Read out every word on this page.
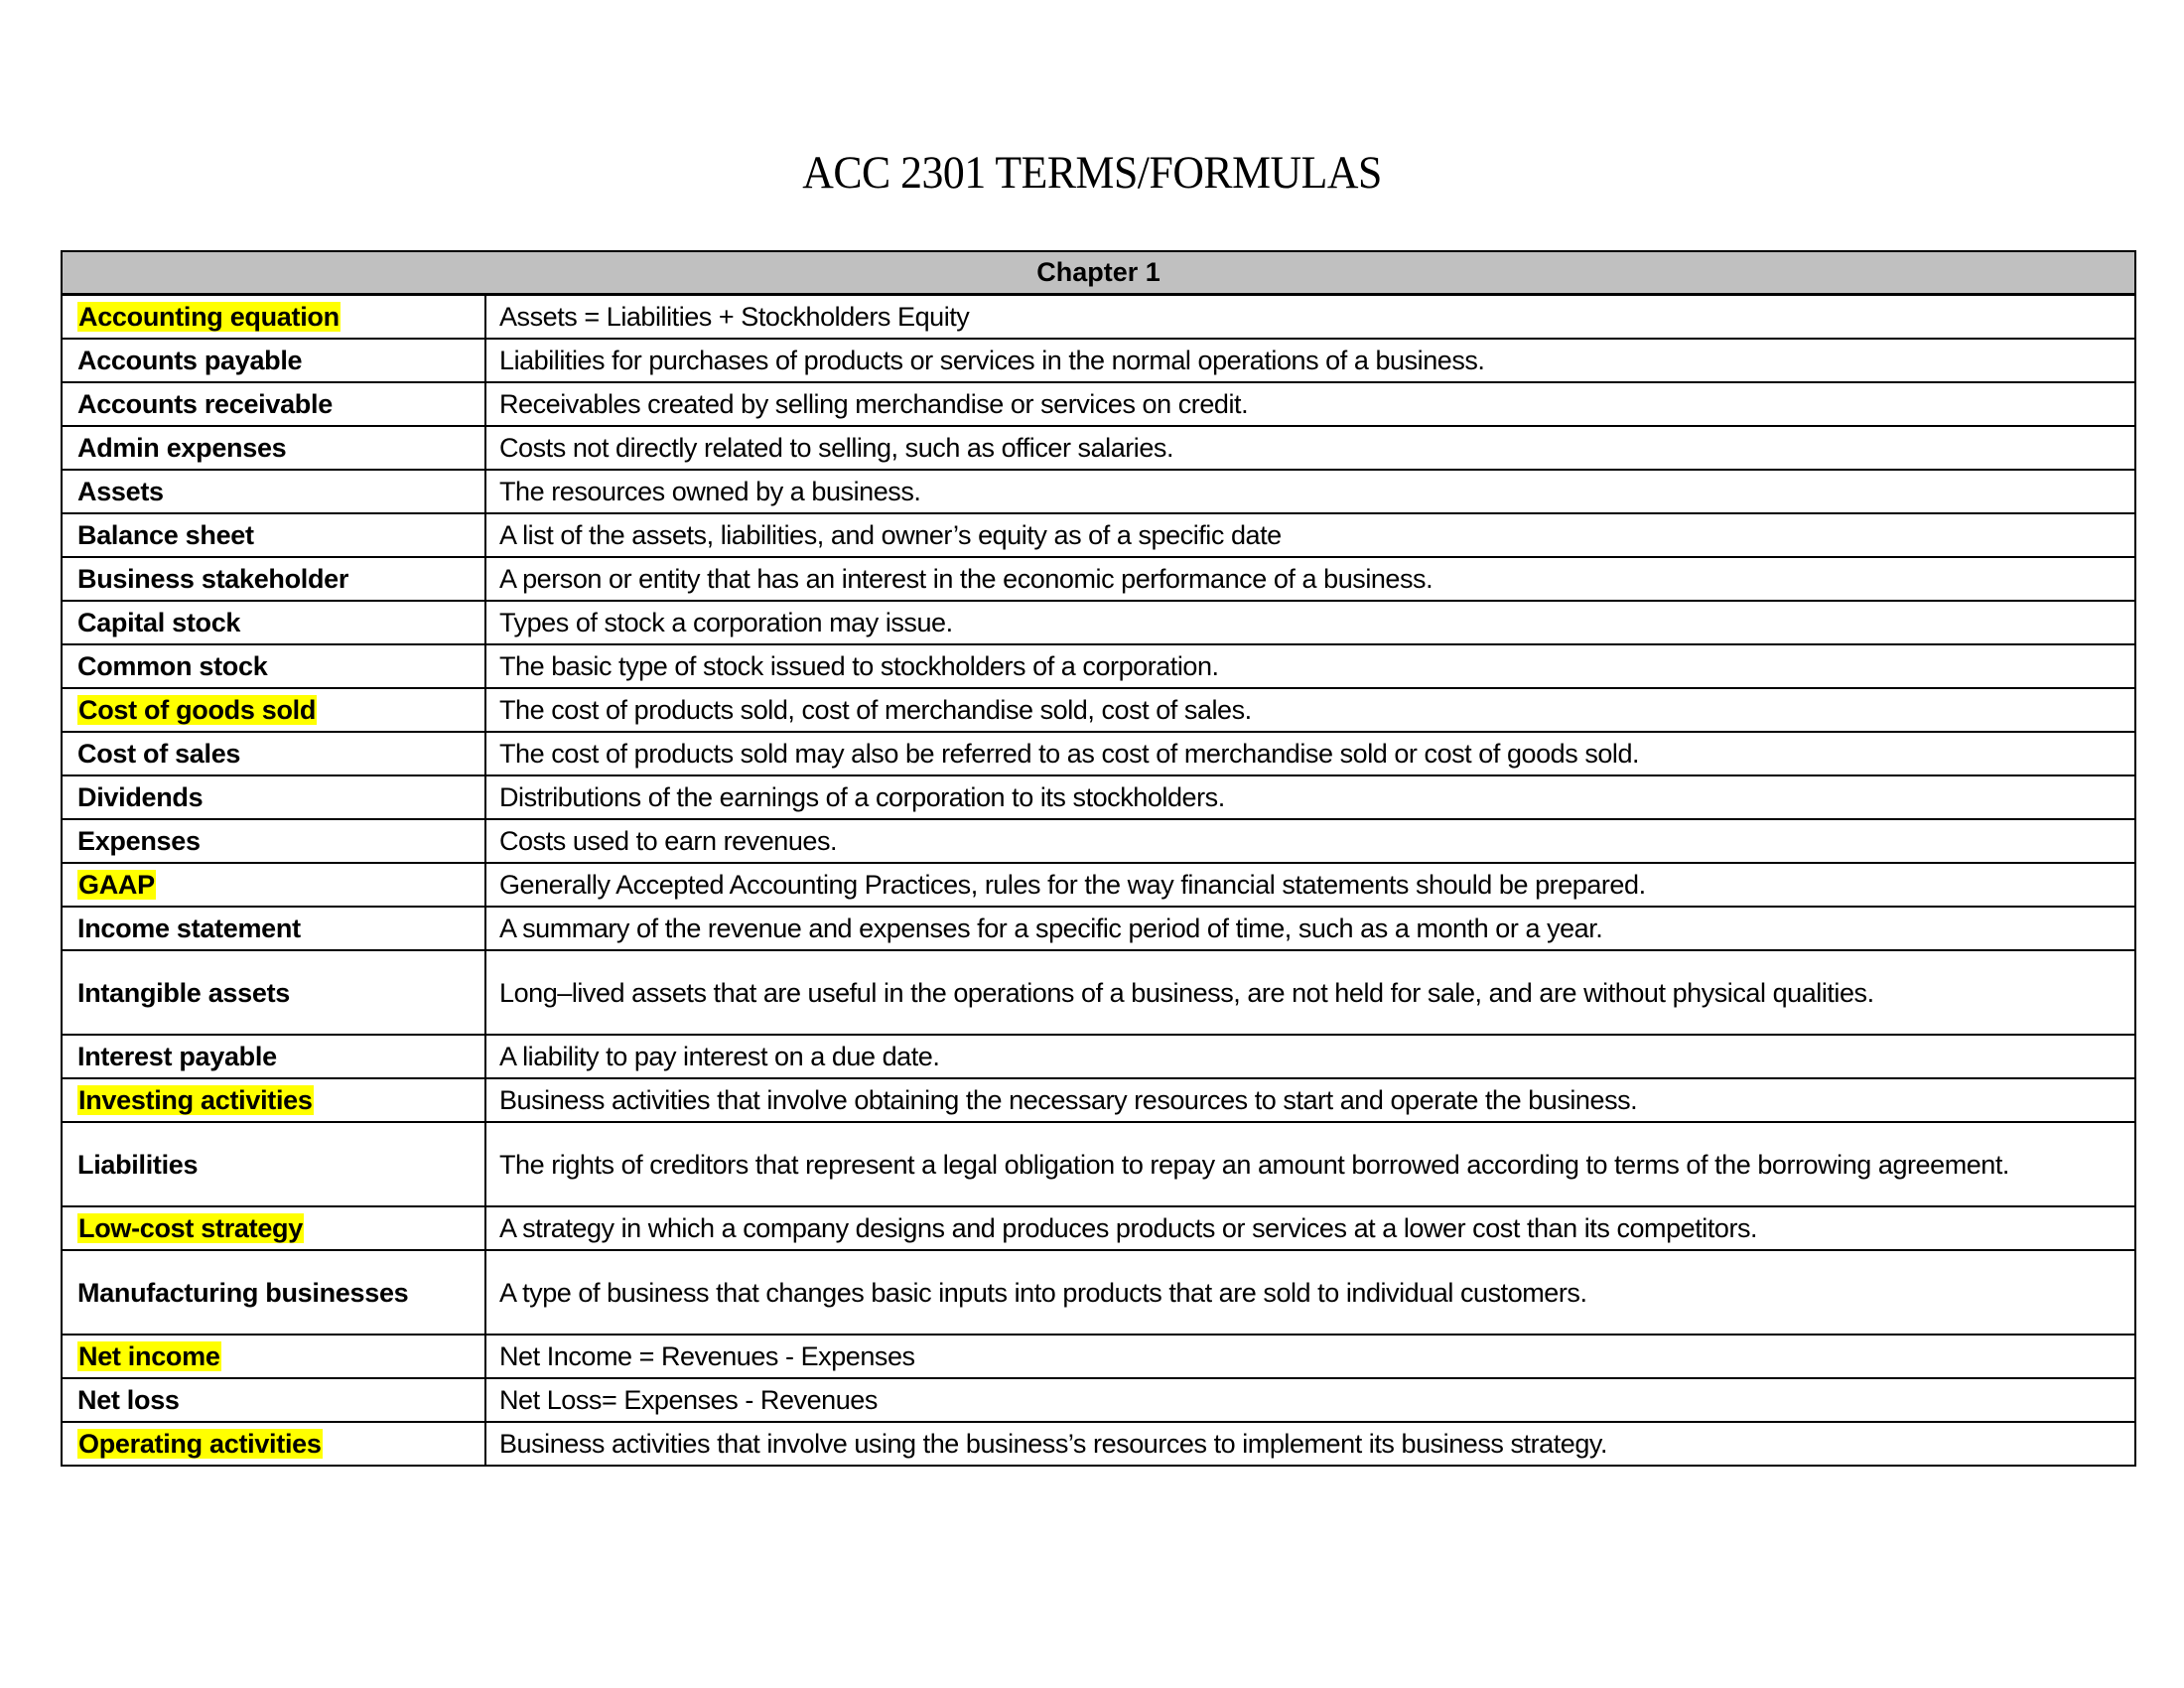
ACC 2301 TERMS/FORMULAS
Chapter 1	
Accounting equation	Assets = Liabilities + Stockholders Equity
Accounts payable	Liabilities for purchases of products or services in the normal operations of a business.
Accounts receivable	Receivables created by selling merchandise or services on credit.
Admin expenses	Costs not directly related to selling, such as officer salaries.
Assets	The resources owned by a business.
Balance sheet	A list of the assets, liabilities, and owner’s equity as of a specific date
Business stakeholder	A person or entity that has an interest in the economic performance of a business.
Capital stock	Types of stock a corporation may issue.
Common stock	The basic type of stock issued to stockholders of a corporation.
Cost of goods sold	The cost of products sold, cost of merchandise sold, cost of sales.
Cost of sales	The cost of products sold may also be referred to as cost of merchandise sold or cost of goods sold.
Dividends	Distributions of the earnings of a corporation to its stockholders.
Expenses	Costs used to earn revenues.
GAAP	Generally Accepted Accounting Practices, rules for the way financial statements should be prepared.
Income statement	A summary of the revenue and expenses for a specific period of time, such as a month or a year.
Intangible assets	Long–lived assets that are useful in the operations of a business, are not held for sale, and are without physical qualities.
Interest payable	A liability to pay interest on a due date.
Investing activities	Business activities that involve obtaining the necessary resources to start and operate the business.
Liabilities	The rights of creditors that represent a legal obligation to repay an amount borrowed according to terms of the borrowing agreement.
Low-cost strategy	A strategy in which a company designs and produces products or services at a lower cost than its competitors.
Manufacturing businesses	A type of business that changes basic inputs into products that are sold to individual customers.
Net income	Net Income = Revenues - Expenses
Net loss	Net Loss= Expenses - Revenues
Operating activities	Business activities that involve using the business’s resources to implement its business strategy.
